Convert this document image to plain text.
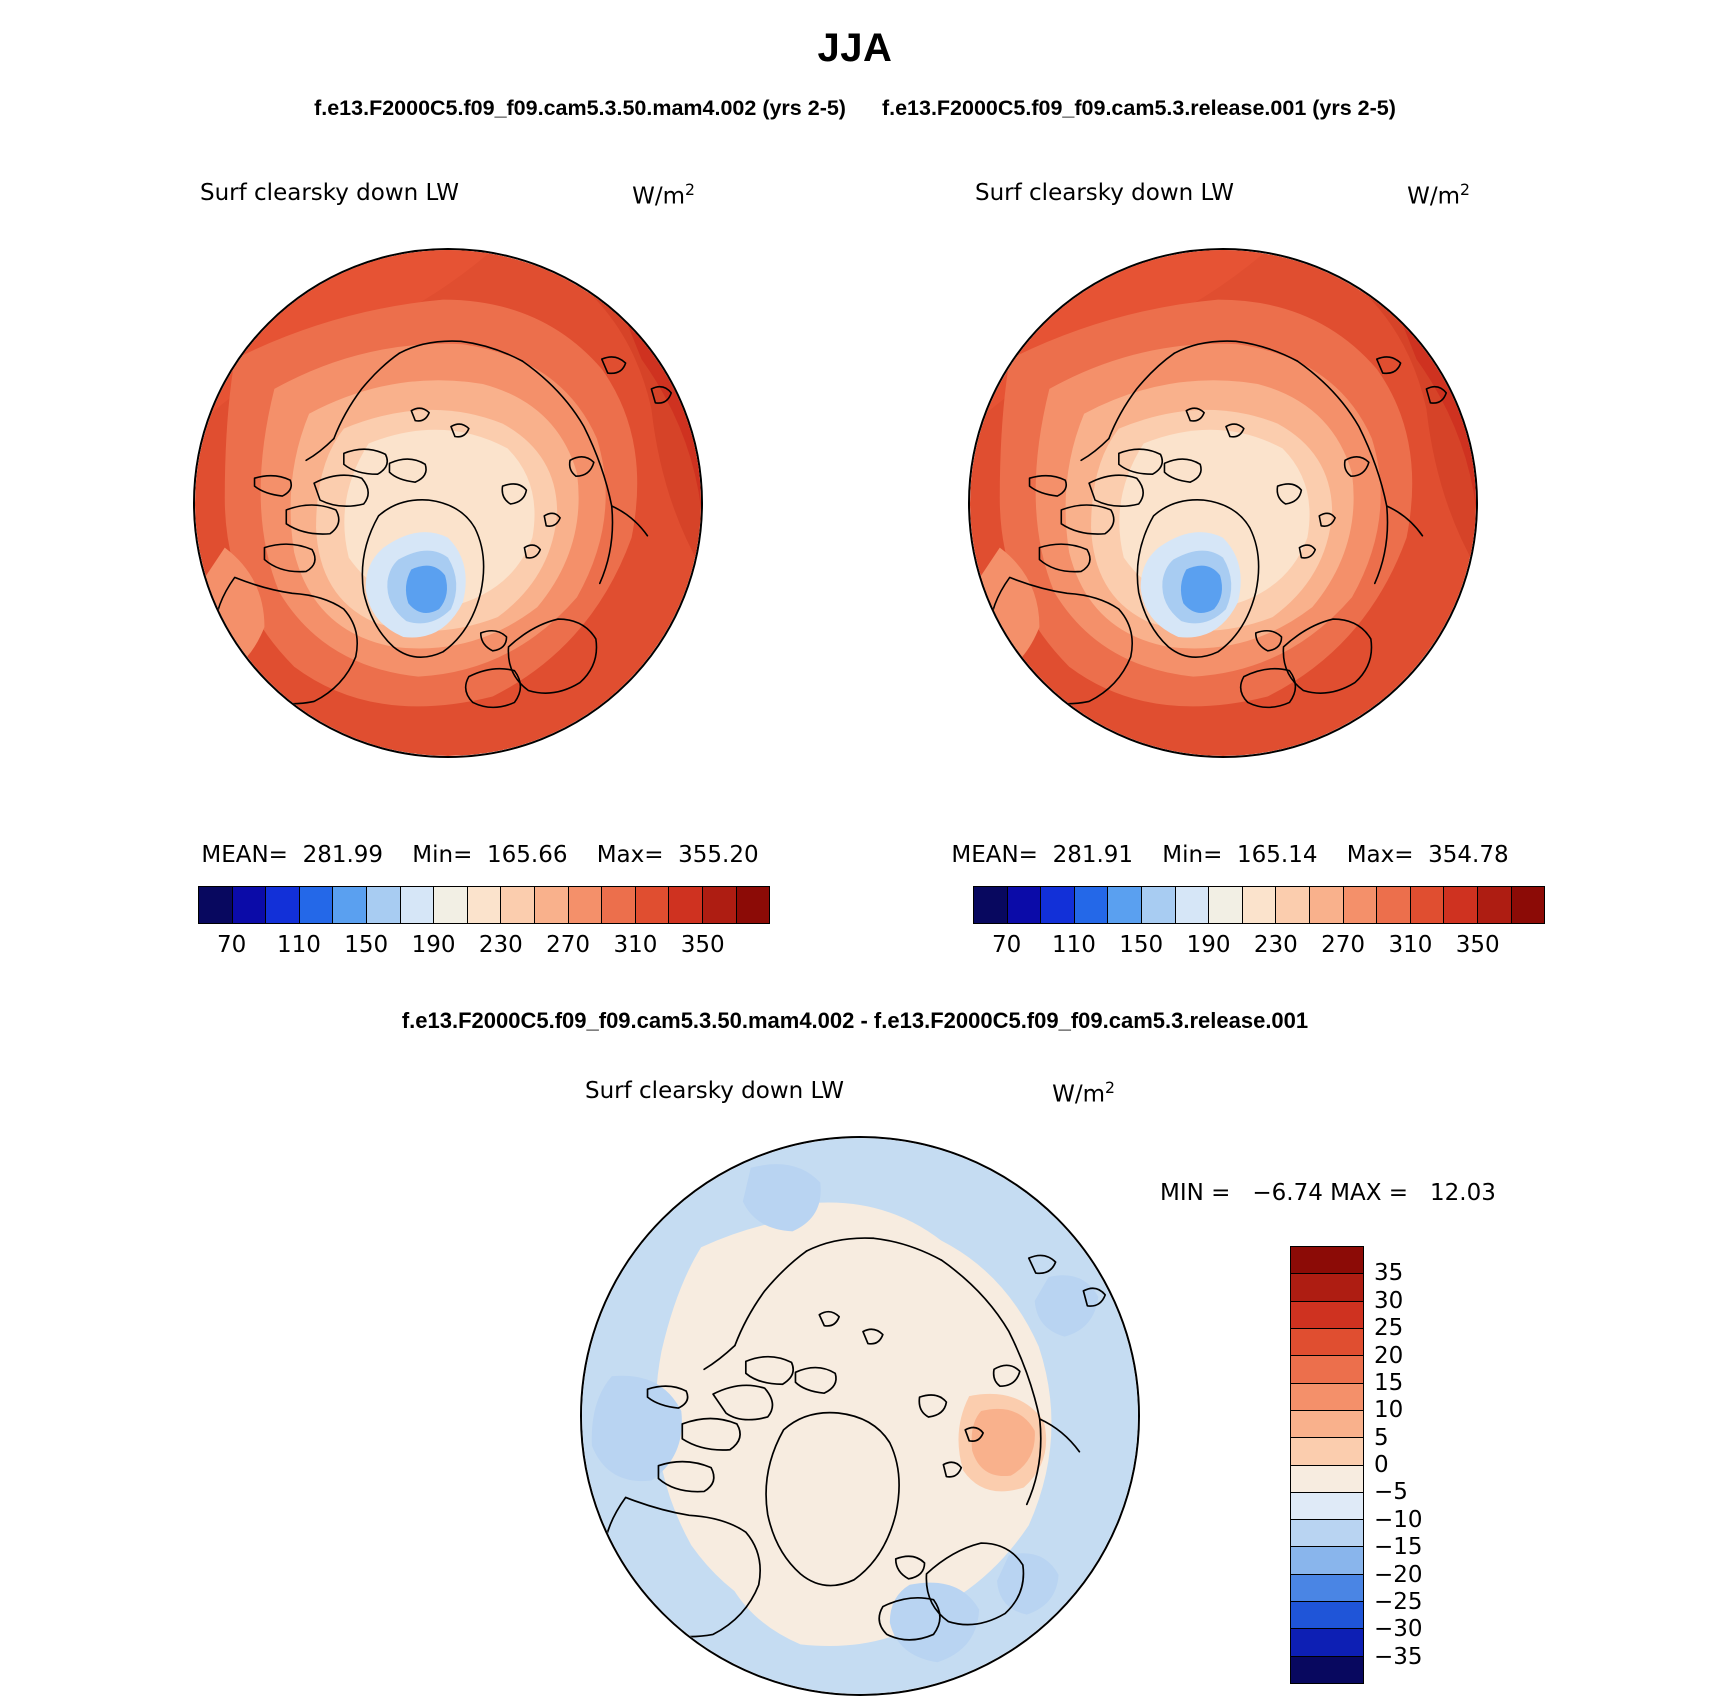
JJA
f.e13.F2000C5.f09_f09.cam5.3.50.mam4.002 (yrs 2-5) f.e13.F2000C5.f09_f09.cam5.3.release.001 (yrs 2-5)
Surf clearsky down LW	$W/m^2$
MEAN=  281.99    Min=  165.66    Max=  355.20
70 110 150 190 230 270 310 350
Surf clearsky down LW	$W/m^2$
MEAN=  281.91    Min=  165.14    Max=  354.78
70 110 150 190 230 270 310 350
f.e13.F2000C5.f09_f09.cam5.3.50.mam4.002 - f.e13.F2000C5.f09_f09.cam5.3.release.001
Surf clearsky down LW	$W/m^2$
MIN =   −6.74 MAX =   12.03
35
30
25
20
15
10
5
0
−5
−10
−15
−20
−25
−30
−35
